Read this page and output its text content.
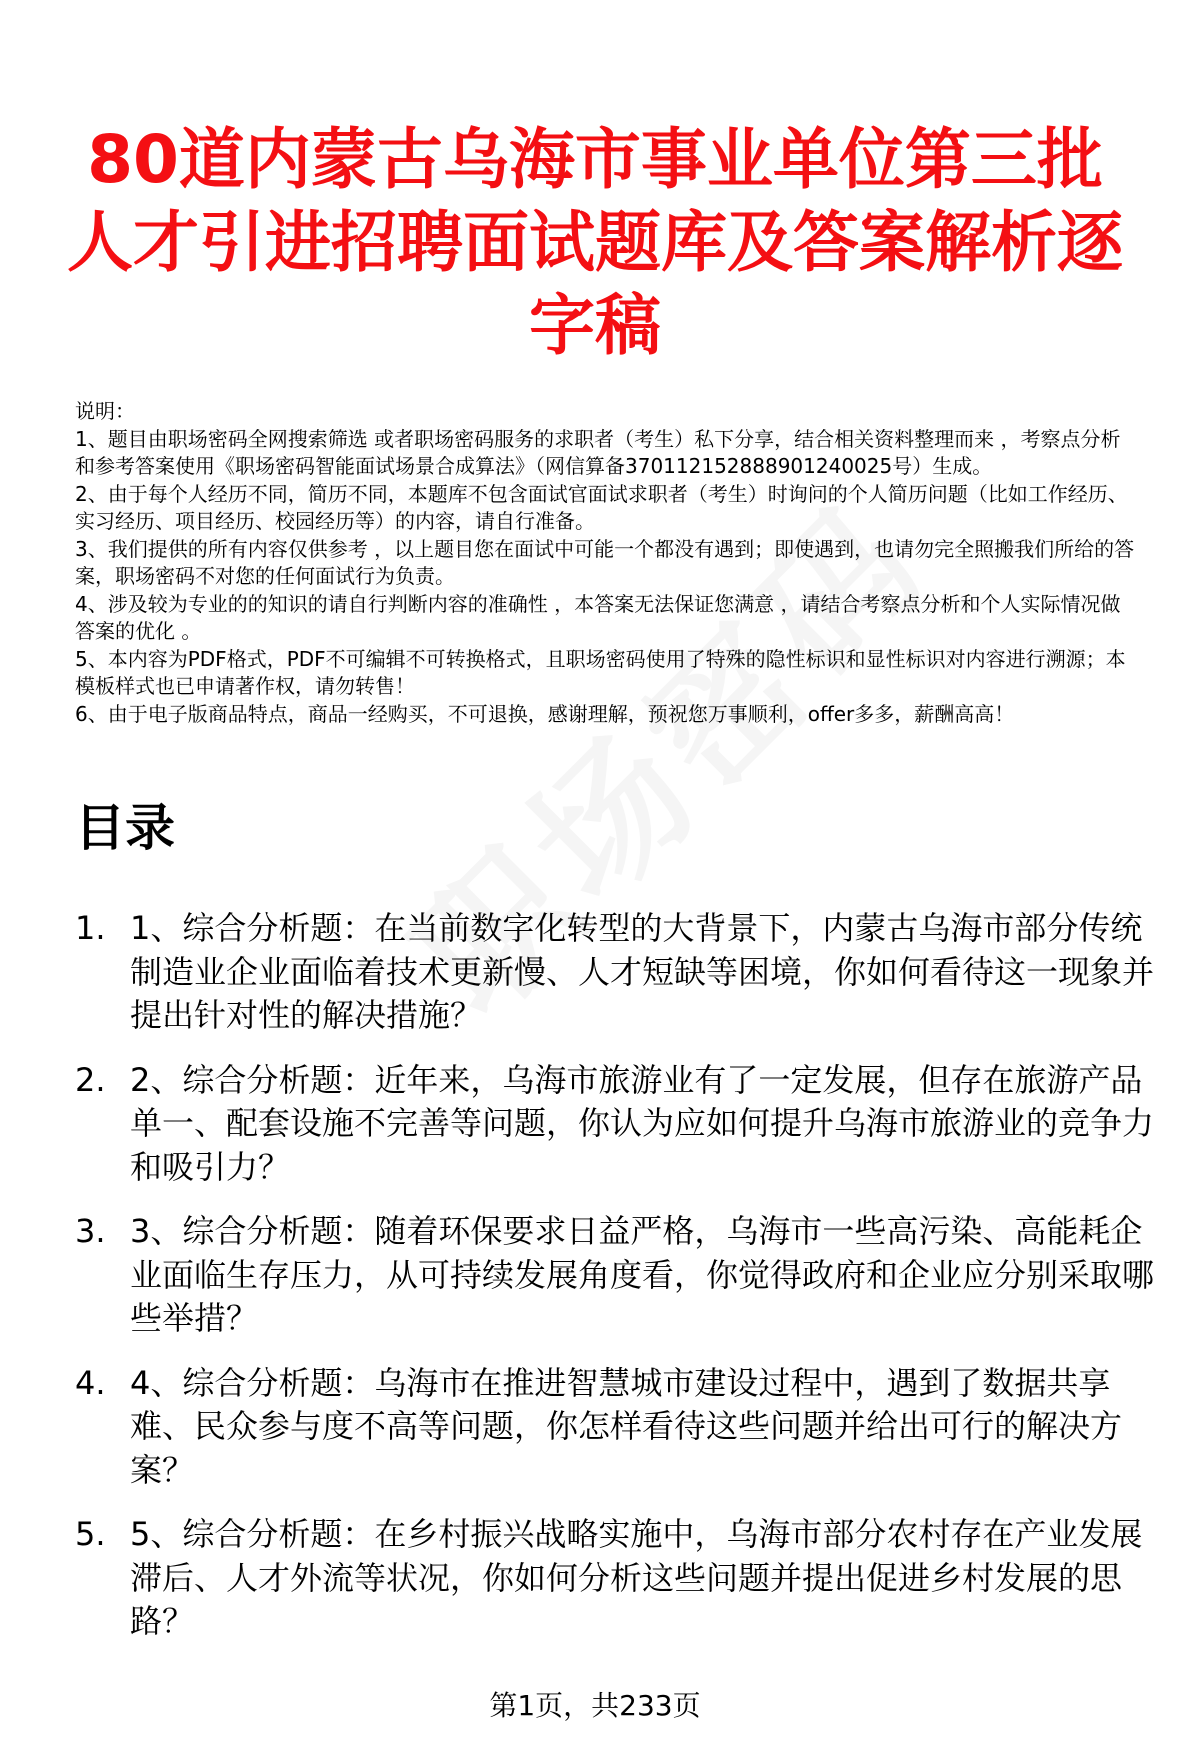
80道内蒙古乌海市事业单位第三批人才引进招聘面试题库及答案解析逐字稿

说明：

1、题目由职场密码全网搜索筛选 或者职场密码服务的求职者（考生）私下分享，结合相关资料整理而来 ，考察点分析和参考答案使用《职场密码智能面试场景合成算法》（网信算备370112152888901240025号）生成。

2、由于每个人经历不同，简历不同，本题库不包含面试官面试求职者（考生）时询问的个人简历问题（比如工作经历、实习经历、项目经历、校园经历等）的内容，请自行准备。

3、我们提供的所有内容仅供参考 ，以上题目您在面试中可能一个都没有遇到；即使遇到，也请勿完全照搬我们所给的答案，职场密码不对您的任何面试行为负责。

4、涉及较为专业的的知识的请自行判断内容的准确性 ，本答案无法保证您满意 ，请结合考察点分析和个人实际情况做答案的优化 。

5、本内容为PDF格式，PDF不可编辑不可转换格式，且职场密码使用了特殊的隐性标识和显性标识对内容进行溯源；本模板样式也已申请著作权，请勿转售！

6、由于电子版商品特点，商品一经购买，不可退换，感谢理解，预祝您万事顺利，offer多多，薪酬高高！

目录
1. 1、综合分析题：在当前数字化转型的大背景下，内蒙古乌海市部分传统制造业企业面临着技术更新慢、人才短缺等困境，你如何看待这一现象并提出针对性的解决措施？
2. 2、综合分析题：近年来，乌海市旅游业有了一定发展，但存在旅游产品单一、配套设施不完善等问题，你认为应如何提升乌海市旅游业的竞争力和吸引力？
3. 3、综合分析题：随着环保要求日益严格，乌海市一些高污染、高能耗企业面临生存压力，从可持续发展角度看，你觉得政府和企业应分别采取哪些举措？
4. 4、综合分析题：乌海市在推进智慧城市建设过程中，遇到了数据共享难、民众参与度不高等问题，你怎样看待这些问题并给出可行的解决方案？
5. 5、综合分析题：在乡村振兴战略实施中，乌海市部分农村存在产业发展滞后、人才外流等状况，你如何分析这些问题并提出促进乡村发展的思路？
第1页，共233页
